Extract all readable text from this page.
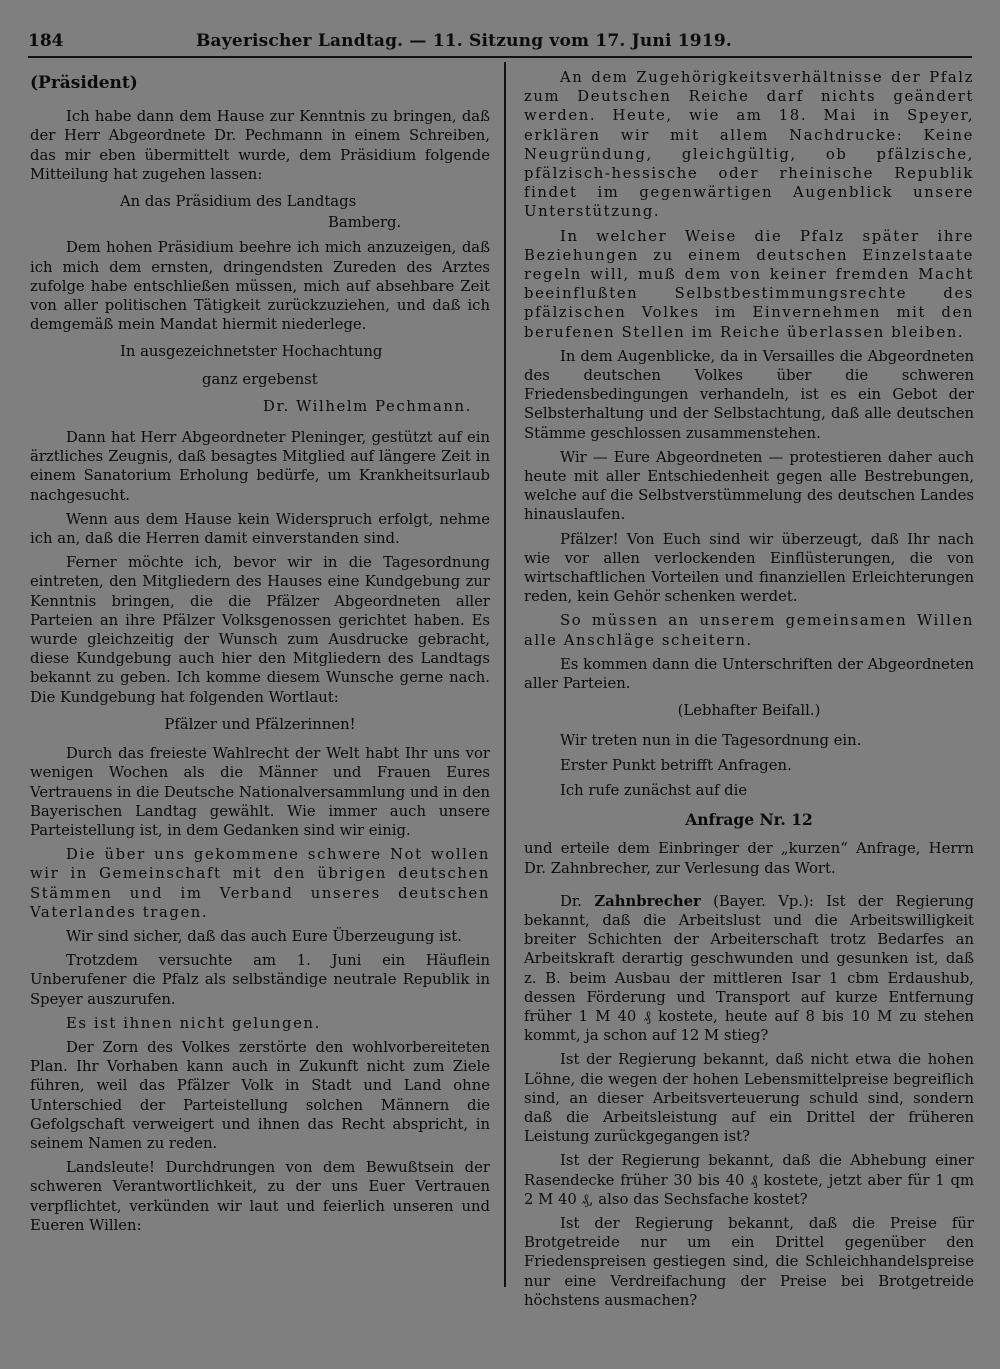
184	Bayerischer Landtag. — 11. Sitzung vom 17. Juni 1919.

(Präsident)

Ich habe dann dem Hause zur Kenntnis zu bringen, daß der Herr Abgeordnete Dr. Pechmann in einem Schreiben, das mir eben übermittelt wurde, dem Präsidium folgende Mitteilung hat zugehen lassen:

An das Präsidium des Landtags

Bamberg.

Dem hohen Präsidium beehre ich mich anzuzeigen, daß ich mich dem ernsten, dringendsten Zureden des Arztes zufolge habe entschließen müssen, mich auf absehbare Zeit von aller politischen Tätigkeit zurückzuziehen, und daß ich demgemäß mein Mandat hiermit niederlege.

In ausgezeichnetster Hochachtung

ganz ergebenst

Dr. Wilhelm Pechmann.

Dann hat Herr Abgeordneter Pleninger, gestützt auf ein ärztliches Zeugnis, daß besagtes Mitglied auf längere Zeit in einem Sanatorium Erholung bedürfe, um Krankheitsurlaub nachgesucht.

Wenn aus dem Hause kein Widerspruch erfolgt, nehme ich an, daß die Herren damit einverstanden sind.

Ferner möchte ich, bevor wir in die Tagesordnung eintreten, den Mitgliedern des Hauses eine Kundgebung zur Kenntnis bringen, die die Pfälzer Abgeordneten aller Parteien an ihre Pfälzer Volksgenossen gerichtet haben. Es wurde gleichzeitig der Wunsch zum Ausdrucke gebracht, diese Kundgebung auch hier den Mitgliedern des Landtags bekannt zu geben. Ich komme diesem Wunsche gerne nach. Die Kundgebung hat folgenden Wortlaut:

Pfälzer und Pfälzerinnen!

Durch das freieste Wahlrecht der Welt habt Ihr uns vor wenigen Wochen als die Männer und Frauen Eures Vertrauens in die Deutsche Nationalversammlung und in den Bayerischen Landtag gewählt. Wie immer auch unsere Parteistellung ist, in dem Gedanken sind wir einig.

Die über uns gekommene schwere Not wollen wir in Gemeinschaft mit den übrigen deutschen Stämmen und im Verband unseres deutschen Vaterlandes tragen.

Wir sind sicher, daß das auch Eure Überzeugung ist.

Trotzdem versuchte am 1. Juni ein Häuflein Unberufener die Pfalz als selbständige neutrale Republik in Speyer auszurufen.

Es ist ihnen nicht gelungen.

Der Zorn des Volkes zerstörte den wohlvorbereiteten Plan. Ihr Vorhaben kann auch in Zukunft nicht zum Ziele führen, weil das Pfälzer Volk in Stadt und Land ohne Unterschied der Parteistellung solchen Männern die Gefolgschaft verweigert und ihnen das Recht abspricht, in seinem Namen zu reden.

Landsleute! Durchdrungen von dem Bewußtsein der schweren Verantwortlichkeit, zu der uns Euer Vertrauen verpflichtet, verkünden wir laut und feierlich unseren und Eueren Willen:

An dem Zugehörigkeitsverhältnisse der Pfalz zum Deutschen Reiche darf nichts geändert werden. Heute, wie am 18. Mai in Speyer, erklären wir mit allem Nachdrucke: Keine Neugründung, gleichgültig, ob pfälzische, pfälzisch-hessische oder rheinische Republik findet im gegenwärtigen Augenblick unsere Unterstützung.

In welcher Weise die Pfalz später ihre Beziehungen zu einem deutschen Einzelstaate regeln will, muß dem von keiner fremden Macht beeinflußten Selbstbestimmungsrechte des pfälzischen Volkes im Einvernehmen mit den berufenen Stellen im Reiche überlassen bleiben.

In dem Augenblicke, da in Versailles die Abgeordneten des deutschen Volkes über die schweren Friedensbedingungen verhandeln, ist es ein Gebot der Selbsterhaltung und der Selbstachtung, daß alle deutschen Stämme geschlossen zusammenstehen.

Wir — Eure Abgeordneten — protestieren daher auch heute mit aller Entschiedenheit gegen alle Bestrebungen, welche auf die Selbstverstümmelung des deutschen Landes hinauslaufen.

Pfälzer! Von Euch sind wir überzeugt, daß Ihr nach wie vor allen verlockenden Einflüsterungen, die von wirtschaftlichen Vorteilen und finanziellen Erleichterungen reden, kein Gehör schenken werdet.

So müssen an unserem gemeinsamen Willen alle Anschläge scheitern.

Es kommen dann die Unterschriften der Abgeordneten aller Parteien.

(Lebhafter Beifall.)

Wir treten nun in die Tagesordnung ein.

Erster Punkt betrifft Anfragen.

Ich rufe zunächst auf die

Anfrage Nr. 12

und erteile dem Einbringer der „kurzen“ Anfrage, Herrn Dr. Zahnbrecher, zur Verlesung das Wort.

Dr. Zahnbrecher (Bayer. Vp.): Ist der Regierung bekannt, daß die Arbeitslust und die Arbeitswilligkeit breiter Schichten der Arbeiterschaft trotz Bedarfes an Arbeitskraft derartig geschwunden und gesunken ist, daß z. B. beim Ausbau der mittleren Isar 1 cbm Erdaushub, dessen Förderung und Transport auf kurze Entfernung früher 1 M 40 ₰ kostete, heute auf 8 bis 10 M zu stehen kommt, ja schon auf 12 M stieg?

Ist der Regierung bekannt, daß nicht etwa die hohen Löhne, die wegen der hohen Lebensmittelpreise begreiflich sind, an dieser Arbeitsverteuerung schuld sind, sondern daß die Arbeitsleistung auf ein Drittel der früheren Leistung zurückgegangen ist?

Ist der Regierung bekannt, daß die Abhebung einer Rasendecke früher 30 bis 40 ₰ kostete, jetzt aber für 1 qm 2 M 40 ₰, also das Sechsfache kostet?

Ist der Regierung bekannt, daß die Preise für Brotgetreide nur um ein Drittel gegenüber den Friedenspreisen gestiegen sind, die Schleichhandelspreise nur eine Verdreifachung der Preise bei Brotgetreide höchstens ausmachen?
